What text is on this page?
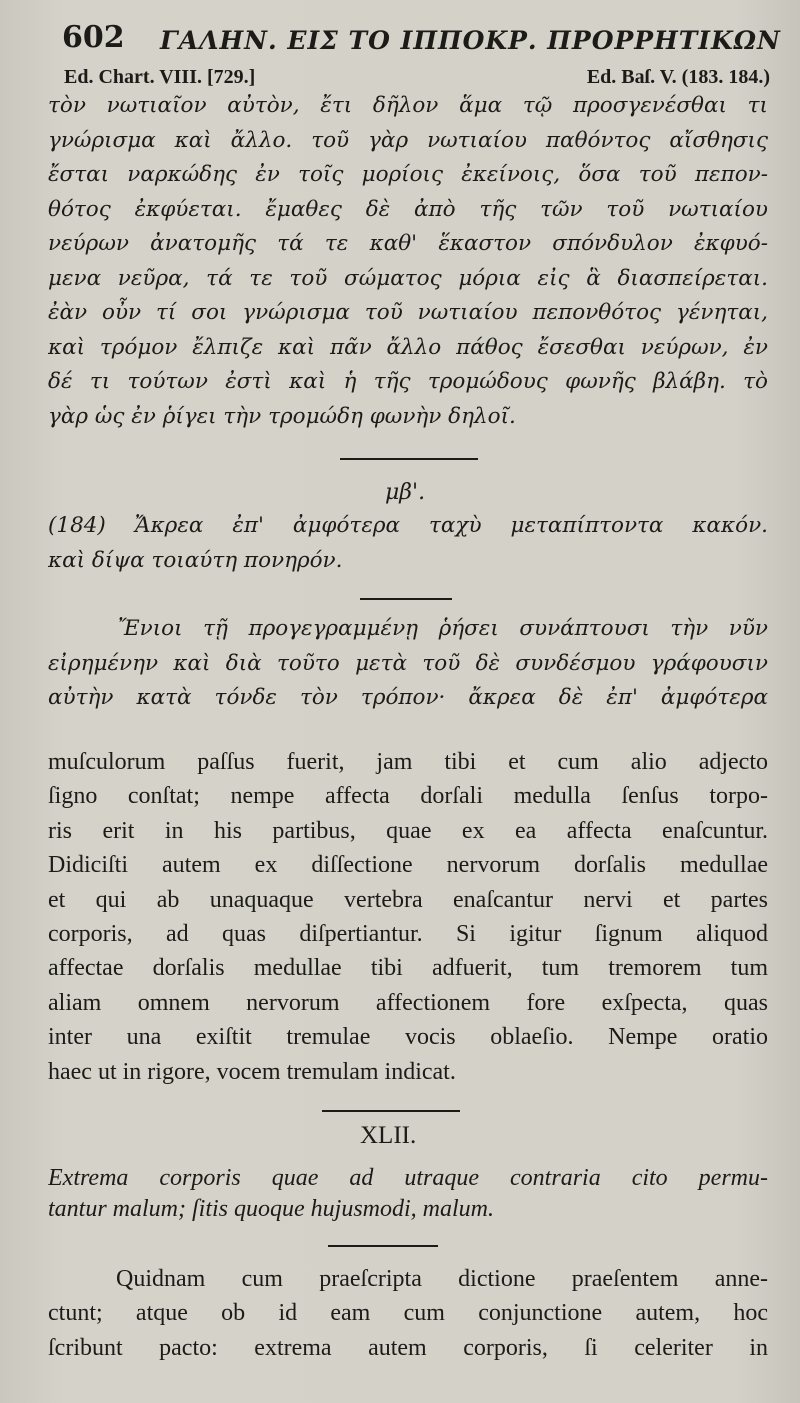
602 ΓΑΛΗΝ. ΕΙΣ ΤΟ ΙΠΠΟΚΡ. ΠΡΟΡΡΗΤΙΚΩΝ
Ed. Chart. VIII. [729.]	Ed. Baſ. V. (183. 184.)
τὸν νωτιαῖον αὐτὸν, ἔτι δῆλον ἅμα τῷ προσγενέσθαι τι
γνώρισμα καὶ ἄλλο. τοῦ γὰρ νωτιαίου παθόντος αἴσθησις
ἔσται ναρκώδης ἐν τοῖς μορίοις ἐκείνοις, ὅσα τοῦ πεπον-
θότος ἐκφύεται. ἔμαθες δὲ ἀπὸ τῆς τῶν τοῦ νωτιαίου
νεύρων ἀνατομῆς τά τε καθ' ἕκαστον σπόνδυλον ἐκφυό-
μενα νεῦρα, τά τε τοῦ σώματος μόρια εἰς ἃ διασπείρεται.
ἐὰν οὖν τί σοι γνώρισμα τοῦ νωτιαίου πεπονθότος γένηται,
καὶ τρόμον ἔλπιζε καὶ πᾶν ἄλλο πάθος ἔσεσθαι νεύρων, ἐν
δέ τι τούτων ἐστὶ καὶ ἡ τῆς τρομώδους φωνῆς βλάβη. τὸ
γὰρ ὡς ἐν ῥίγει τὴν τρομώδη φωνὴν δηλοῖ.
μβ'.
(184) Ἄκρεα ἐπ' ἀμφότερα ταχὺ μεταπίπτοντα κακόν.
καὶ δίψα τοιαύτη πονηρόν.
Ἔνιοι τῇ προγεγραμμένῃ ῥήσει συνάπτουσι τὴν νῦν
εἰρημένην καὶ διὰ τοῦτο μετὰ τοῦ δὲ συνδέσμου γράφουσιν
αὐτὴν κατὰ τόνδε τὸν τρόπον· ἄκρεα δὲ ἐπ' ἀμφότερα
muſculorum paſſus fuerit, jam tibi et cum alio adjecto
ſigno conſtat; nempe affecta dorſali medulla ſenſus torpo-
ris erit in his partibus, quae ex ea affecta enaſcuntur.
Didiciſti autem ex diſſectione nervorum dorſalis medullae
et qui ab unaquaque vertebra enaſcantur nervi et partes
corporis, ad quas diſpertiantur. Si igitur ſignum aliquod
affectae dorſalis medullae tibi adfuerit, tum tremorem tum
aliam omnem nervorum affectionem fore exſpecta, quas
inter una exiſtit tremulae vocis oblaeſio. Nempe oratio
haec ut in rigore, vocem tremulam indicat.
XLII.
Extrema corporis quae ad utraque contraria cito permu-
tantur malum; ſitis quoque hujusmodi, malum.
Quidnam cum praeſcripta dictione praeſentem anne-
ctunt; atque ob id eam cum conjunctione autem, hoc
ſcribunt pacto: extrema autem corporis, ſi celeriter in
